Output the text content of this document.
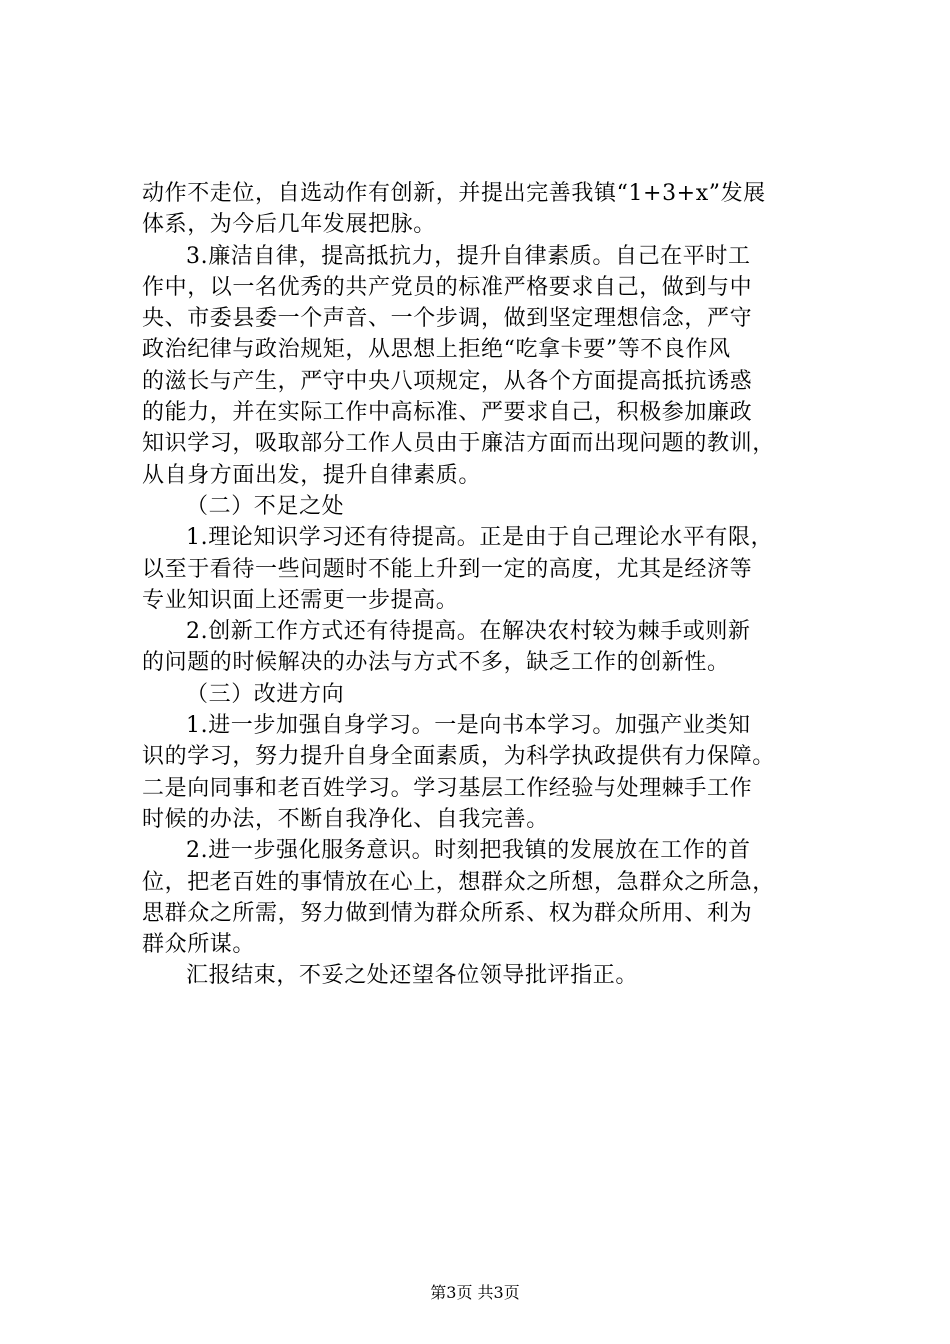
动作不走位，自选动作有创新，并提出完善我镇“1+3+x”发展
体系，为今后几年发展把脉。
3.廉洁自律，提高抵抗力，提升自律素质。自己在平时工
作中，以一名优秀的共产党员的标准严格要求自己，做到与中
央、市委县委一个声音、一个步调，做到坚定理想信念，严守
政治纪律与政治规矩，从思想上拒绝“吃拿卡要”等不良作风
的滋长与产生，严守中央八项规定，从各个方面提高抵抗诱惑
的能力，并在实际工作中高标准、严要求自己，积极参加廉政
知识学习，吸取部分工作人员由于廉洁方面而出现问题的教训，
从自身方面出发，提升自律素质。
（二）不足之处
1.理论知识学习还有待提高。正是由于自己理论水平有限，
以至于看待一些问题时不能上升到一定的高度，尤其是经济等
专业知识面上还需更一步提高。
2.创新工作方式还有待提高。在解决农村较为棘手或则新
的问题的时候解决的办法与方式不多，缺乏工作的创新性。
（三）改进方向
1.进一步加强自身学习。一是向书本学习。加强产业类知
识的学习，努力提升自身全面素质，为科学执政提供有力保障。
二是向同事和老百姓学习。学习基层工作经验与处理棘手工作
时候的办法，不断自我净化、自我完善。
2.进一步强化服务意识。时刻把我镇的发展放在工作的首
位，把老百姓的事情放在心上，想群众之所想，急群众之所急，
思群众之所需，努力做到情为群众所系、权为群众所用、利为
群众所谋。
汇报结束，不妥之处还望各位领导批评指正。
第3页 共3页
